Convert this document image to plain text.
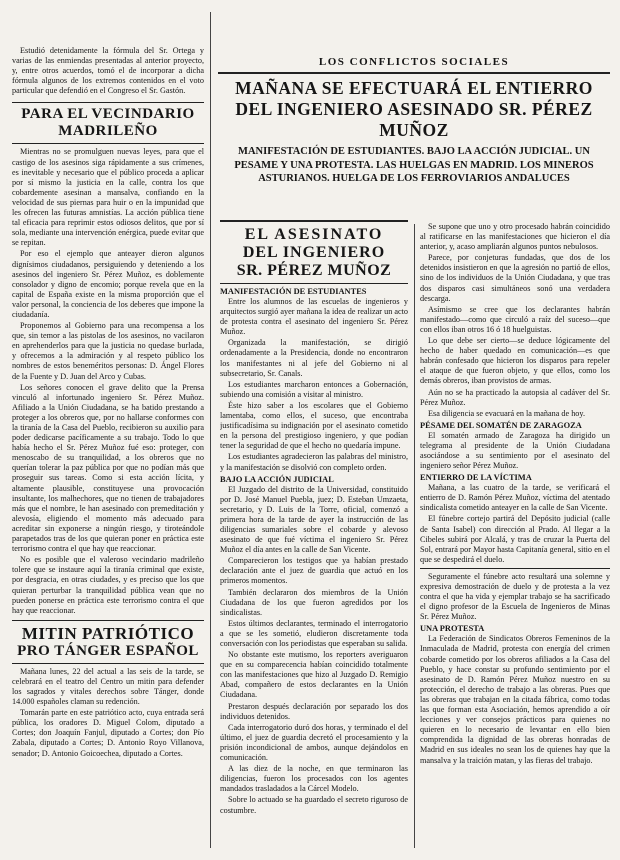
Estudió detenidamente la fórmula del Sr. Ortega y varias de las enmiendas presentadas al anterior proyecto, y, entre otros acuerdos, tomó el de incorporar a dicha fórmula algunos de los extremos contenidos en el voto particular que defendió en el Congreso el Sr. Gastón.

PARA EL VECINDARIO
MADRILEÑO

Mientras no se promulguen nuevas leyes, para que el castigo de los asesinos siga rápidamente a sus crímenes, es inevitable y necesario que el público proceda a aplicar por sí mismo la justicia en la calle, contra los que cobardemente asesinan a mansalva, confiando en la velocidad de sus piernas para huir o en la impunidad que les ofrecen las futuras amnistías. La acción pública tiene tal eficacia para reprimir estos odiosos delitos, que por sí sola, mediante una intervención enérgica, puede evitar que se repitan.

Por eso el ejemplo que anteayer dieron algunos dignísimos ciudadanos, persiguiendo y deteniendo a los asesinos del ingeniero Sr. Pérez Muñoz, es doblemente consolador y digno de encomio; porque revela que en la capital de España existe en la misma proporción que el valor personal, la conciencia de los deberes que impone la ciudadanía.

Proponemos al Gobierno para una recompensa a los que, sin temor a las pistolas de los asesinos, no vacilaron en aprehenderlos para que la justicia no quedase burlada, y ofrecemos a la admiración y al respeto público los nombres de estos beneméritos personas: D. Ángel Flores de la Fuente y D. Juan del Arco y Cubas.

Los señores conocen el grave delito que la Prensa vinculó al infortunado ingeniero Sr. Pérez Muñoz. Afiliado a la Unión Ciudadana, se ha batido prestando a proteger a los obreros que, por no hallarse conformes con la tiranía de la Casa del Pueblo, recibieron su auxilio para poder dedicarse pacíficamente a su trabajo. Todo lo que había hecho el Sr. Pérez Muñoz fué eso: proteger, con menoscabo de su tranquilidad, a los obreros que no querían tolerar la paz pública por que no podían más que proseguir sus tareas. Como si esta acción lícita, y altamente plausible, constituyese una provocación insultante, los malhechores, que no tienen de trabajadores más que el nombre, le han asesinado con premeditación y alevosía, eligiendo el momento más adecuado para acreditar sin exponerse a ningún riesgo, y tiroteándole parapetados tras de los que quieran poner en práctica este terrorismo contra el que hay que reaccionar.

No es posible que el valeroso vecindario madrileño tolere que se instaure aquí la tiranía criminal que existe, por desgracia, en otras ciudades, y es preciso que los que quieran perturbar la tranquilidad pública vean que no pueden ponerse en práctica este terrorismo contra el que hay que reaccionar.

MITIN PATRIÓTICO
PRO TÁNGER ESPAÑOL

Mañana lunes, 22 del actual a las seis de la tarde, se celebrará en el teatro del Centro un mitin para defender los sagrados y vitales derechos sobre Tánger, donde 14.000 españoles claman su redención.

Tomarán parte en este patriótico acto, cuya entrada será pública, los oradores D. Miguel Colom, diputado a Cortes; don Joaquín Fanjul, diputado a Cortes; don Pío Zabala, diputado a Cortes; D. Antonio Royo Villanova, senador; D. Antonio Goicoechea, diputado a Cortes.

LOS CONFLICTOS SOCIALES
MAÑANA SE EFECTUARÁ EL ENTIERRO
DEL INGENIERO ASESINADO SR. PÉREZ
MUÑOZ
MANIFESTACIÓN DE ESTUDIANTES. BAJO LA ACCIÓN JUDICIAL. UN PESAME Y UNA PROTESTA. LAS HUELGAS EN MADRID. LOS MINEROS ASTURIANOS. HUELGA DE LOS FERROVIARIOS ANDALUCES
EL ASESINATO
DEL INGENIERO
SR. PÉREZ MUÑOZ
MANIFESTACIÓN DE ESTUDIANTES

Entre los alumnos de las escuelas de ingenieros y arquitectos surgió ayer mañana la idea de realizar un acto de protesta contra el asesinato del ingeniero Sr. Pérez Muñoz.

Organizada la manifestación, se dirigió ordenadamente a la Presidencia, donde no encontraron los manifestantes ni al jefe del Gobierno ni al subsecretario, Sr. Canals.

Los estudiantes marcharon entonces a Gobernación, subiendo una comisión a visitar al ministro.

Éste hizo saber a los escolares que el Gobierno lamentaba, como ellos, el suceso, que encontraba justificadísima su indignación por el asesinato cometido en la persona del prestigioso ingeniero, y que podían tener la seguridad de que el hecho no quedaría impune.

Los estudiantes agradecieron las palabras del ministro, y la manifestación se disolvió con completo orden.

BAJO LA ACCIÓN JUDICIAL

El Juzgado del distrito de la Universidad, constituido por D. José Manuel Puebla, juez; D. Esteban Umzaeta, secretario, y D. Luis de la Torre, oficial, comenzó a primera hora de la tarde de ayer la instrucción de las diligencias sumariales sobre el cobarde y alevoso asesinato de que fué víctima el ingeniero Sr. Pérez Muñoz el día antes en la calle de San Vicente.

Comparecieron los testigos que ya habían prestado declaración ante el juez de guardia que actuó en los primeros momentos.

También declararon dos miembros de la Unión Ciudadana de los que fueron agredidos por los sindicalistas.

Estos últimos declarantes, terminado el interrogatorio a que se les sometió, eludieron discretamente toda conversación con los periodistas que esperaban su salida.

No obstante este mutismo, los reporters averiguaron que en su comparecencia habían coincidido totalmente con las manifestaciones que hizo al Juzgado D. Remigio Abad, compañero de estos declarantes en la Unión Ciudadana.

Prestaron después declaración por separado los dos individuos detenidos.

Cada interrogatorio duró dos horas, y terminado el del último, el juez de guardia decretó el procesamiento y la prisión incondicional de ambos, aunque dejándolos en comunicación.

A las diez de la noche, en que terminaron las diligencias, fueron los procesados con los agentes mandados trasladados a la Cárcel Modelo.

Sobre lo actuado se ha guardado el secreto riguroso de costumbre.

Se supone que uno y otro procesado habrán coincidido al ratificarse en las manifestaciones que hicieron el día anterior, y, acaso ampliarán algunos puntos nebulosos.

Parece, por conjeturas fundadas, que dos de los detenidos insistieron en que la agresión no partió de ellos, sino de los individuos de la Unión Ciudadana, y que tras dos disparos casi simultáneos sonó una verdadera descarga.

Asímismo se cree que los declarantes habrán manifestado—como que circuló a raíz del suceso—que con ellos iban otros 16 ó 18 huelguistas.

Lo que debe ser cierto—se deduce lógicamente del hecho de haber quedado en comunicación—es que habrán confesado que hicieron los disparos para repeler el ataque de que fueron objeto, y que ellos, como los demás obreros, iban provistos de armas.

Aún no se ha practicado la autopsia al cadáver del Sr. Pérez Muñoz.

Esa diligencia se evacuará en la mañana de hoy.

PÉSAME DEL SOMATÉN DE ZARAGOZA

El somatén armado de Zaragoza ha dirigido un telegrama al presidente de la Unión Ciudadana asociándose a su sentimiento por el asesinato del ingeniero señor Pérez Muñoz.

ENTIERRO DE LA VÍCTIMA

Mañana, a las cuatro de la tarde, se verificará el entierro de D. Ramón Pérez Muñoz, víctima del atentado sindicalista cometido anteayer en la calle de San Vicente.

El fúnebre cortejo partirá del Depósito judicial (calle de Santa Isabel) con dirección al Prado. Al llegar a la Cibeles subirá por Alcalá, y tras de cruzar la Puerta del Sol, entrará por Mayor hasta Capitanía general, sitio en el que se despedirá el duelo.

Seguramente el fúnebre acto resultará una solemne y expresiva demostración de duelo y de protesta a la vez contra el que ha vida y ejemplar trabajo se ha sacrificado el digno profesor de la Escuela de Ingenieros de Minas Sr. Pérez Muñoz.

UNA PROTESTA

La Federación de Sindicatos Obreros Femeninos de la Inmaculada de Madrid, protesta con energía del crimen cobarde cometido por los obreros afiliados a la Casa del Pueblo, y hace constar su profundo sentimiento por el asesinato de D. Ramón Pérez Muñoz nuestro en su protección, el derecho de trabajo a las obreras. Pues que las obreras que trabajan en la citada fábrica, como todas las que forman esta Asociación, hemos aprendido a oír lecciones y ver consejos prácticos para quienes no quieren en lo necesario de levantar en ello bien comprendida la dignidad de las obreras honradas de Madrid en sus ideales no sean los de quienes hay que la mansalva y la traición matan, y las fieras del trabajo.
